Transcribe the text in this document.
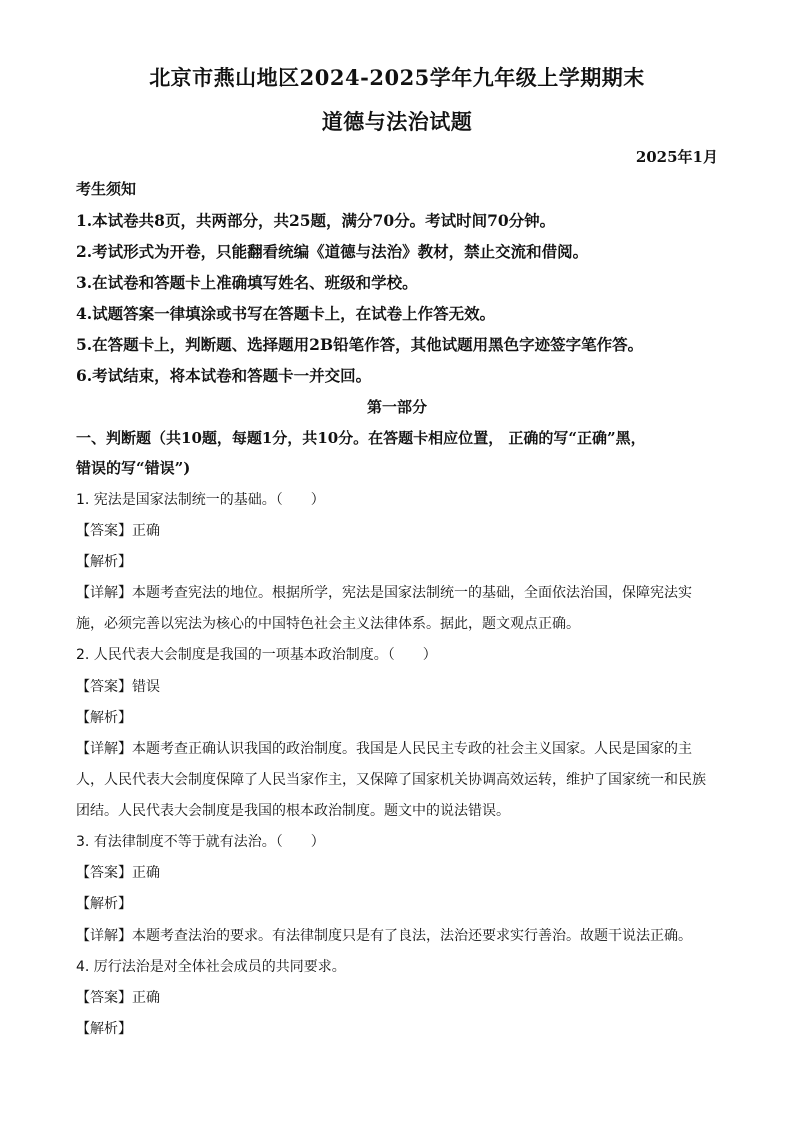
北京市燕山地区2024-2025学年九年级上学期期末
道德与法治试题
2025年1月
考生须知
1.本试卷共8页，共两部分，共25题，满分70分。考试时间70分钟。
2.考试形式为开卷，只能翻看统编《道德与法治》教材，禁止交流和借阅。
3.在试卷和答题卡上准确填写姓名、班级和学校。
4.试题答案一律填涂或书写在答题卡上，在试卷上作答无效。
5.在答题卡上，判断题、选择题用2B铅笔作答，其他试题用黑色字迹签字笔作答。
6.考试结束，将本试卷和答题卡一并交回。
第一部分
一、判断题（共10题，每题1分，共10分。在答题卡相应位置， 正确的写“正确”黑，
错误的写“错误”)
1. 宪法是国家法制统一的基础。（　　）
【答案】正确
【解析】
【详解】本题考查宪法的地位。根据所学，宪法是国家法制统一的基础，全面依法治国，保障宪法实
施，必须完善以宪法为核心的中国特色社会主义法律体系。据此，题文观点正确。
2. 人民代表大会制度是我国的一项基本政治制度。（　　）
【答案】错误
【解析】
【详解】本题考查正确认识我国的政治制度。我国是人民民主专政的社会主义国家。人民是国家的主
人，人民代表大会制度保障了人民当家作主，又保障了国家机关协调高效运转，维护了国家统一和民族
团结。人民代表大会制度是我国的根本政治制度。题文中的说法错误。
3. 有法律制度不等于就有法治。（　　）
【答案】正确
【解析】
【详解】本题考查法治的要求。有法律制度只是有了良法，法治还要求实行善治。故题干说法正确。
4. 厉行法治是对全体社会成员的共同要求。
【答案】正确
【解析】
